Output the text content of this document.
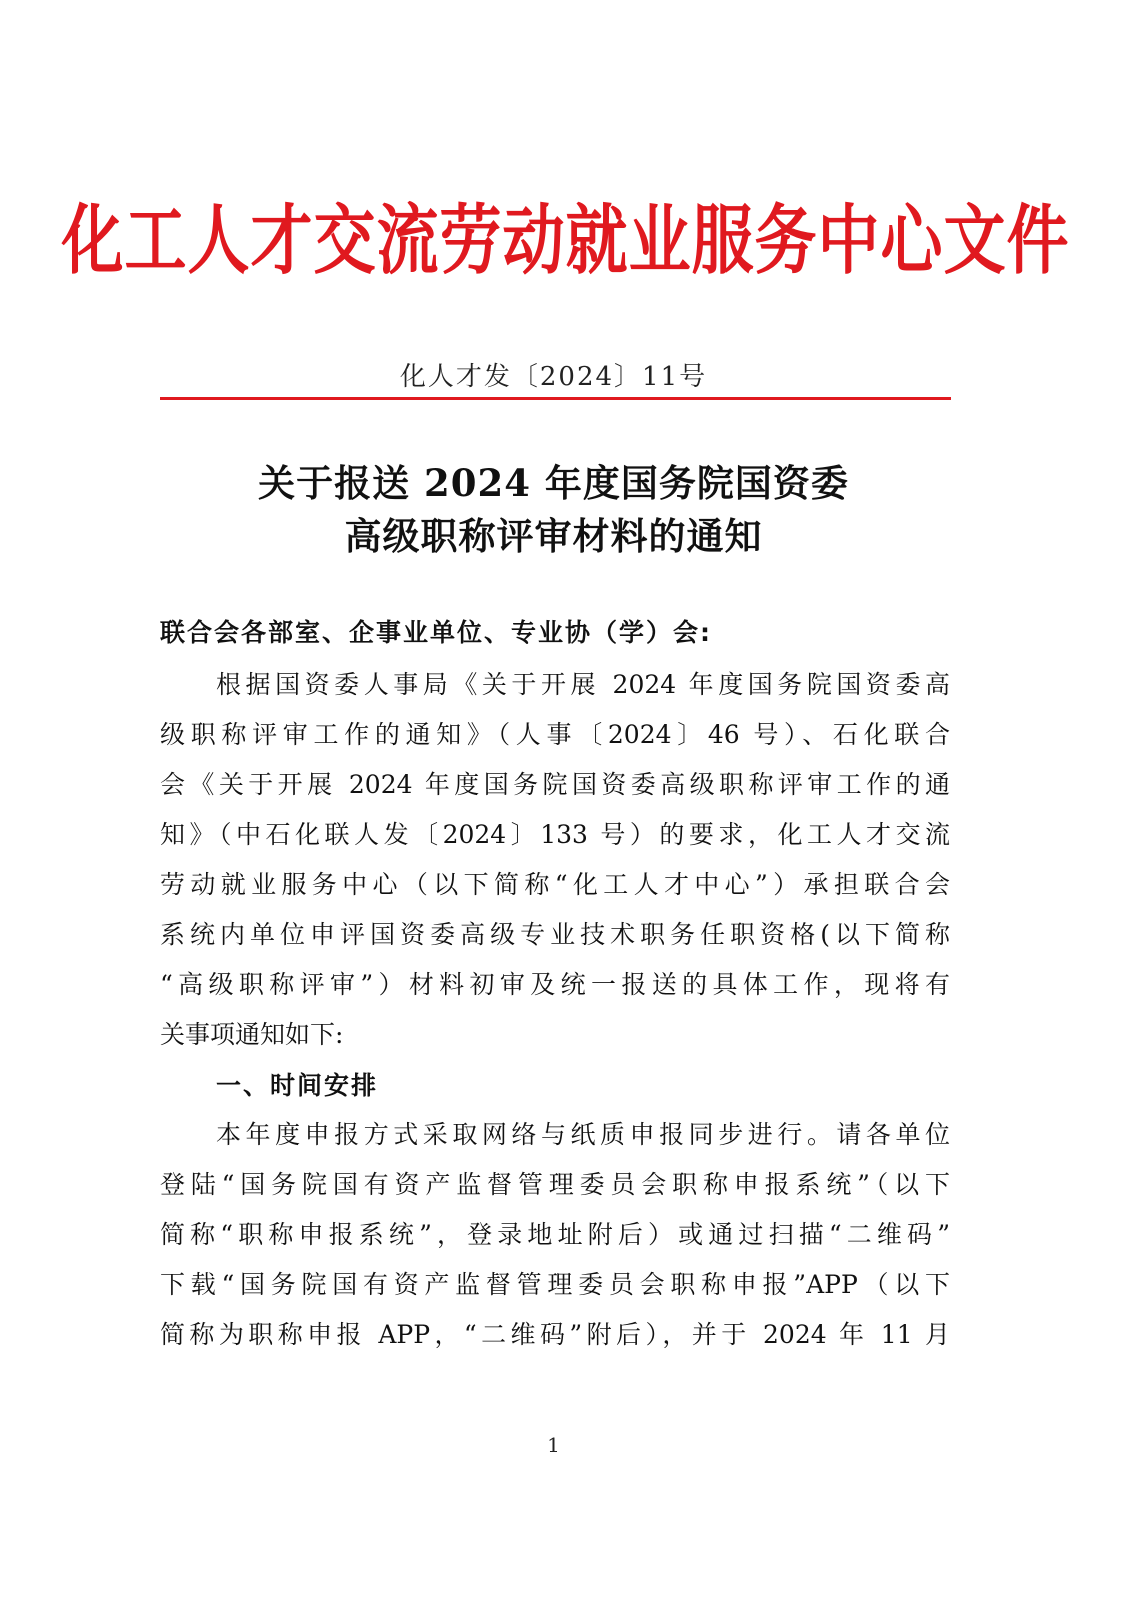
化工人才交流劳动就业服务中心文件
化人才发〔2024〕11号
关于报送 2024 年度国务院国资委
高级职称评审材料的通知
联合会各部室、企事业单位、专业协（学）会:
根据国资委人事局《关于开展 2024 年度国务院国资委高
级职称评审工作的通知》（人事〔2024〕46 号）、石化联合
会《关于开展 2024 年度国务院国资委高级职称评审工作的通
知》（中石化联人发〔2024〕133 号）的要求，化工人才交流
劳动就业服务中心（以下简称“化工人才中心”）承担联合会
系统内单位申评国资委高级专业技术职务任职资格(以下简称
“高级职称评审”）材料初审及统一报送的具体工作，现将有
关事项通知如下:
一、时间安排
本年度申报方式采取网络与纸质申报同步进行。请各单位
登陆“国务院国有资产监督管理委员会职称申报系统”（以下
简称“职称申报系统”，登录地址附后）或通过扫描“二维码”
下载“国务院国有资产监督管理委员会职称申报”APP（以下
简称为职称申报 APP，“二维码”附后），并于 2024 年 11 月
1
